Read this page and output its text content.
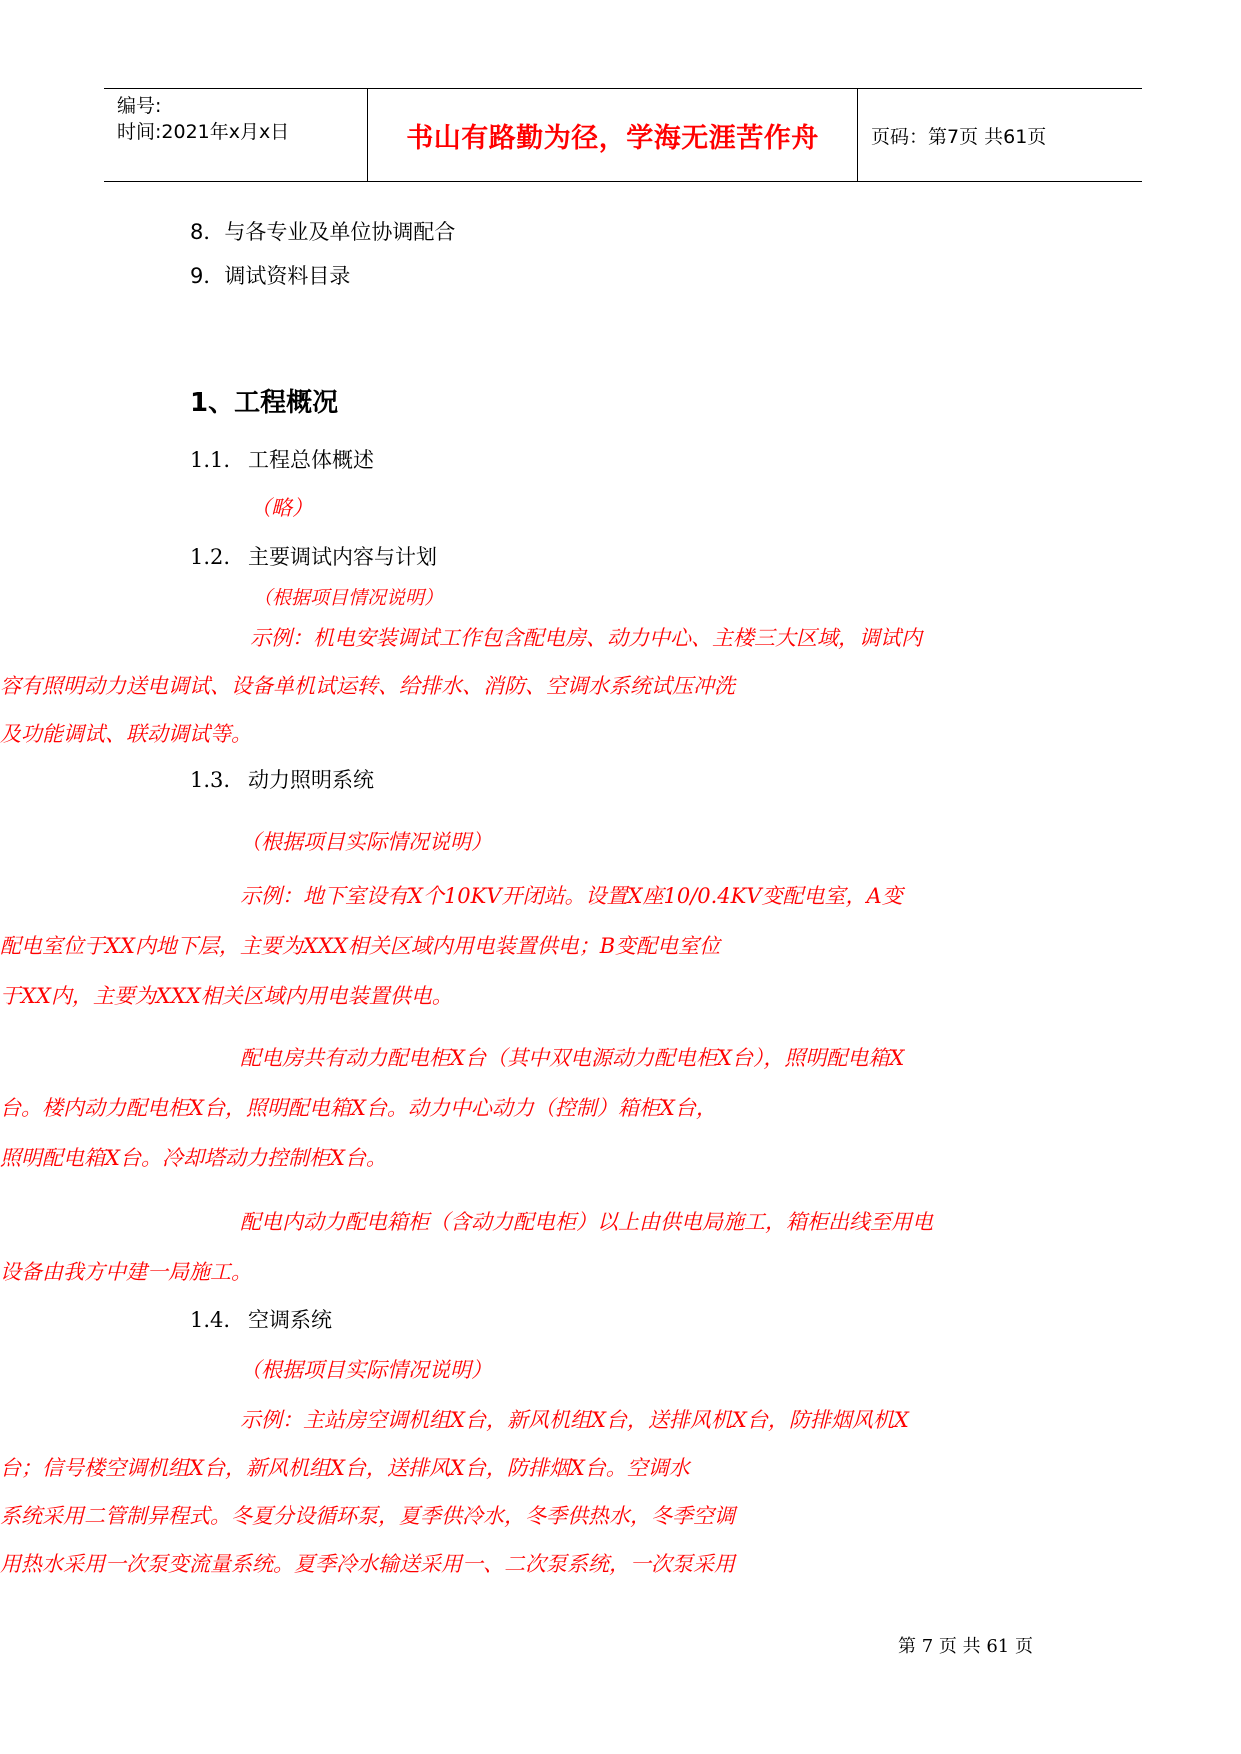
编号:
时间:2021年x月x日	书山有路勤为径，学海无涯苦作舟	页码：第7页 共61页
8．与各专业及单位协调配合
9．调试资料目录
1、工程概况
1.1. 工程总体概述
（略）
1.2. 主要调试内容与计划
（根据项目情况说明）
示例：机电安装调试工作包含配电房、动力中心、主楼三大区域，调试内
容有照明动力送电调试、设备单机试运转、给排水、消防、空调水系统试压冲洗
及功能调试、联动调试等。
1.3. 动力照明系统
（根据项目实际情况说明）
示例：地下室设有X个10KV开闭站。设置X座10/0.4KV变配电室，A变
配电室位于XX内地下层，主要为XXX相关区域内用电装置供电；B变配电室位
于XX内，主要为XXX相关区域内用电装置供电。
配电房共有动力配电柜X台（其中双电源动力配电柜X台），照明配电箱X
台。楼内动力配电柜X台，照明配电箱X台。动力中心动力（控制）箱柜X台，
照明配电箱X台。冷却塔动力控制柜X台。
配电内动力配电箱柜（含动力配电柜）以上由供电局施工，箱柜出线至用电
设备由我方中建一局施工。
1.4. 空调系统
（根据项目实际情况说明）
示例：主站房空调机组X台，新风机组X台，送排风机X台，防排烟风机X
台；信号楼空调机组X台，新风机组X台，送排风X台，防排烟X台。空调水
系统采用二管制异程式。冬夏分设循环泵，夏季供冷水，冬季供热水，冬季空调
用热水采用一次泵变流量系统。夏季冷水输送采用一、二次泵系统，一次泵采用
第 7 页 共 61 页
